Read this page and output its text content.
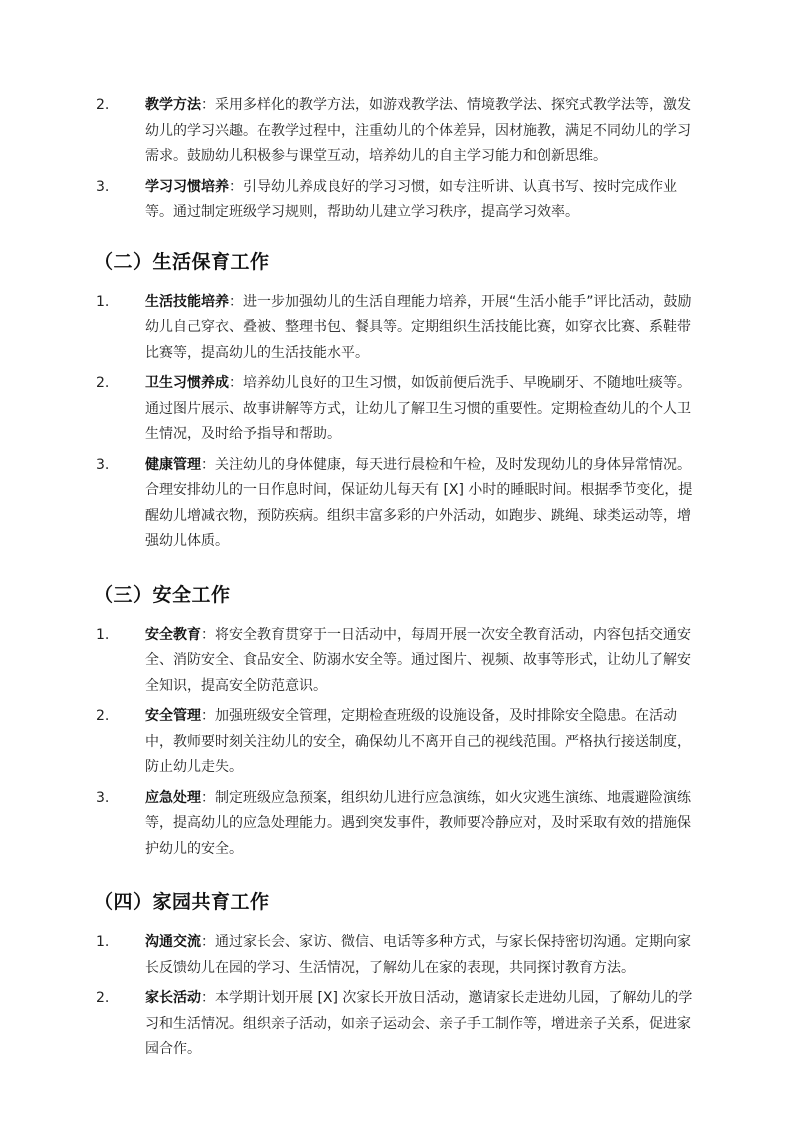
2.	教学方法：采用多样化的教学方法，如游戏教学法、情境教学法、探究式教学法等，激发幼儿的学习兴趣。在教学过程中，注重幼儿的个体差异，因材施教，满足不同幼儿的学习需求。鼓励幼儿积极参与课堂互动，培养幼儿的自主学习能力和创新思维。
3.	学习习惯培养：引导幼儿养成良好的学习习惯，如专注听讲、认真书写、按时完成作业等。通过制定班级学习规则，帮助幼儿建立学习秩序，提高学习效率。
（二）生活保育工作
1.	生活技能培养：进一步加强幼儿的生活自理能力培养，开展“生活小能手”评比活动，鼓励幼儿自己穿衣、叠被、整理书包、餐具等。定期组织生活技能比赛，如穿衣比赛、系鞋带比赛等，提高幼儿的生活技能水平。
2.	卫生习惯养成：培养幼儿良好的卫生习惯，如饭前便后洗手、早晚刷牙、不随地吐痰等。通过图片展示、故事讲解等方式，让幼儿了解卫生习惯的重要性。定期检查幼儿的个人卫生情况，及时给予指导和帮助。
3.	健康管理：关注幼儿的身体健康，每天进行晨检和午检，及时发现幼儿的身体异常情况。合理安排幼儿的一日作息时间，保证幼儿每天有 [X] 小时的睡眠时间。根据季节变化，提醒幼儿增减衣物，预防疾病。组织丰富多彩的户外活动，如跑步、跳绳、球类运动等，增强幼儿体质。
（三）安全工作
1.	安全教育：将安全教育贯穿于一日活动中，每周开展一次安全教育活动，内容包括交通安全、消防安全、食品安全、防溺水安全等。通过图片、视频、故事等形式，让幼儿了解安全知识，提高安全防范意识。
2.	安全管理：加强班级安全管理，定期检查班级的设施设备，及时排除安全隐患。在活动中，教师要时刻关注幼儿的安全，确保幼儿不离开自己的视线范围。严格执行接送制度，防止幼儿走失。
3.	应急处理：制定班级应急预案，组织幼儿进行应急演练，如火灾逃生演练、地震避险演练等，提高幼儿的应急处理能力。遇到突发事件，教师要冷静应对，及时采取有效的措施保护幼儿的安全。
（四）家园共育工作
1.	沟通交流：通过家长会、家访、微信、电话等多种方式，与家长保持密切沟通。定期向家长反馈幼儿在园的学习、生活情况，了解幼儿在家的表现，共同探讨教育方法。
2.	家长活动：本学期计划开展 [X] 次家长开放日活动，邀请家长走进幼儿园，了解幼儿的学习和生活情况。组织亲子活动，如亲子运动会、亲子手工制作等，增进亲子关系，促进家园合作。
